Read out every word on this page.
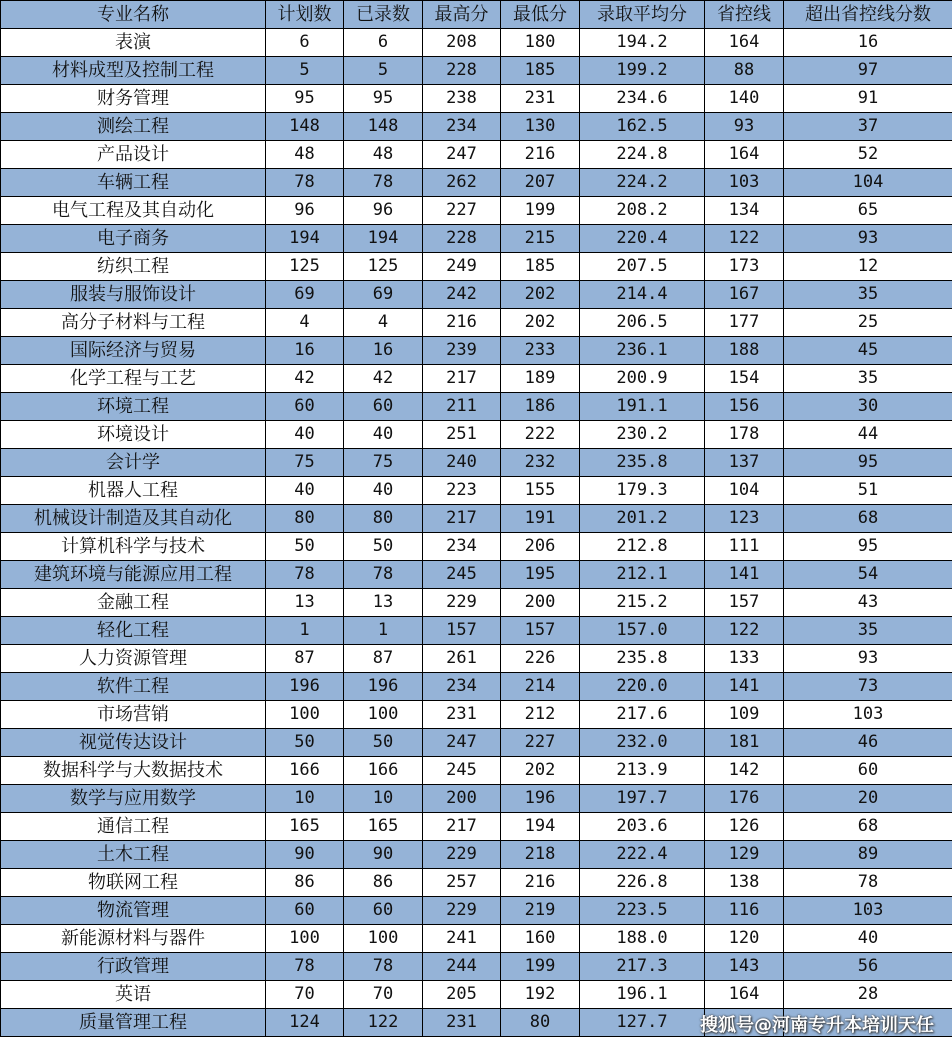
专业名称	计划数	已录数	最高分	最低分	录取平均分	省控线	超出省控线分数
表演	6	6	208	180	194.2	164	16
材料成型及控制工程	5	5	228	185	199.2	88	97
财务管理	95	95	238	231	234.6	140	91
测绘工程	148	148	234	130	162.5	93	37
产品设计	48	48	247	216	224.8	164	52
车辆工程	78	78	262	207	224.2	103	104
电气工程及其自动化	96	96	227	199	208.2	134	65
电子商务	194	194	228	215	220.4	122	93
纺织工程	125	125	249	185	207.5	173	12
服装与服饰设计	69	69	242	202	214.4	167	35
高分子材料与工程	4	4	216	202	206.5	177	25
国际经济与贸易	16	16	239	233	236.1	188	45
化学工程与工艺	42	42	217	189	200.9	154	35
环境工程	60	60	211	186	191.1	156	30
环境设计	40	40	251	222	230.2	178	44
会计学	75	75	240	232	235.8	137	95
机器人工程	40	40	223	155	179.3	104	51
机械设计制造及其自动化	80	80	217	191	201.2	123	68
计算机科学与技术	50	50	234	206	212.8	111	95
建筑环境与能源应用工程	78	78	245	195	212.1	141	54
金融工程	13	13	229	200	215.2	157	43
轻化工程	1	1	157	157	157.0	122	35
人力资源管理	87	87	261	226	235.8	133	93
软件工程	196	196	234	214	220.0	141	73
市场营销	100	100	231	212	217.6	109	103
视觉传达设计	50	50	247	227	232.0	181	46
数据科学与大数据技术	166	166	245	202	213.9	142	60
数学与应用数学	10	10	200	196	197.7	176	20
通信工程	165	165	217	194	203.6	126	68
土木工程	90	90	229	218	222.4	129	89
物联网工程	86	86	257	216	226.8	138	78
物流管理	60	60	229	219	223.5	116	103
新能源材料与器件	100	100	241	160	188.0	120	40
行政管理	78	78	244	199	217.3	143	56
英语	70	70	205	192	196.1	164	28
质量管理工程	124	122	231	80	127.7		搜狐号@河南专升本培训天任
